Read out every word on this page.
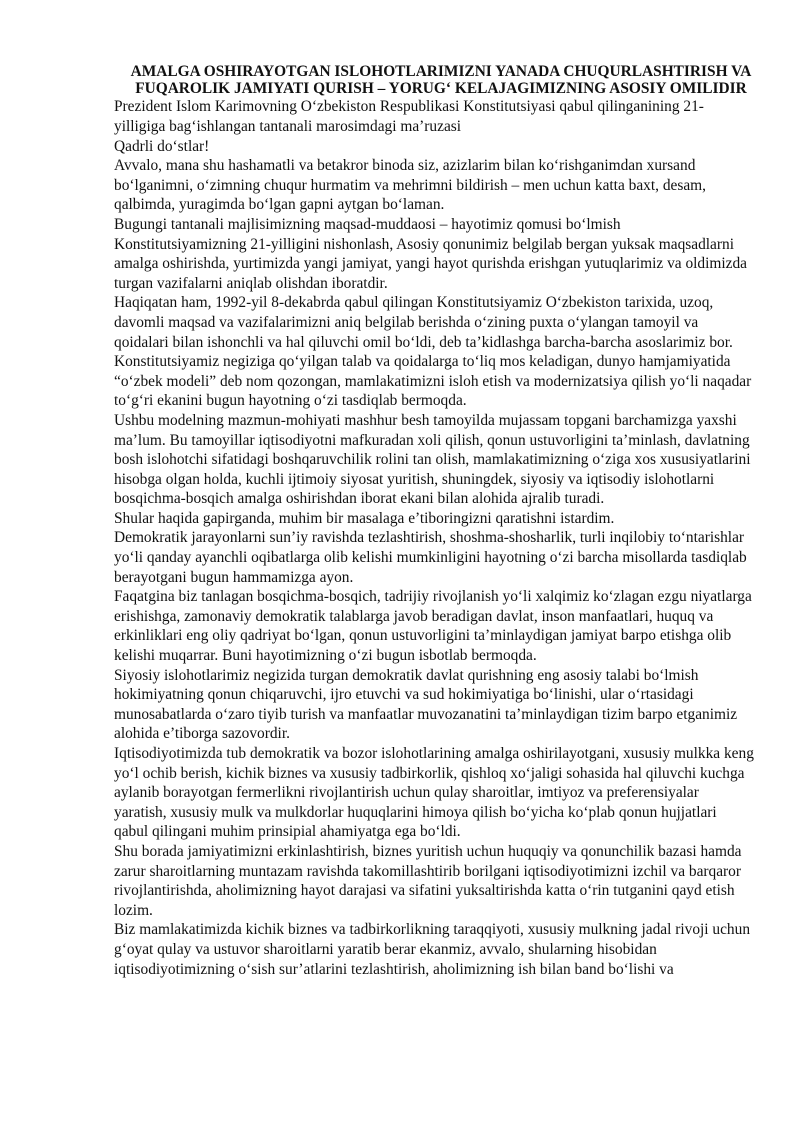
AMALGA OSHIRAYOTGAN ISLOHOTLARIMIZNI YANADA CHUQURLASHTIRISH VA FUQAROLIK JAMIYATI QURISH – YORUG‘ KELAJAGIMIZNING ASOSIY OMILIDIR

Prezident Islom Karimovning O‘zbekiston Respublikasi Konstitutsiyasi qabul qilinganining 21-yilligiga bag‘ishlangan tantanali marosimdagi ma’ruzasi

Qadrli do‘stlar!

Avvalo, mana shu hashamatli va betakror binoda siz, azizlarim bilan ko‘rishganimdan xursand bo‘lganimni, o‘zimning chuqur hurmatim va mehrimni bildirish – men uchun katta baxt, desam, qalbimda, yuragimda bo‘lgan gapni aytgan bo‘laman.

Bugungi tantanali majlisimizning maqsad-muddaosi – hayotimiz qomusi bo‘lmish Konstitutsiyamizning 21-yilligini nishonlash, Asosiy qonunimiz belgilab bergan yuksak maqsadlarni amalga oshirishda, yurtimizda yangi jamiyat, yangi hayot qurishda erishgan yutuqlarimiz va oldimizda turgan vazifalarni aniqlab olishdan iboratdir.

Haqiqatan ham, 1992-yil 8-dekabrda qabul qilingan Konstitutsiyamiz O‘zbekiston tarixida, uzoq, davomli maqsad va vazifalarimizni aniq belgilab berishda o‘zining puxta o‘ylangan tamoyil va qoidalari bilan ishonchli va hal qiluvchi omil bo‘ldi, deb ta’kidlashga barcha-barcha asoslarimiz bor.

Konstitutsiyamiz negiziga qo‘yilgan talab va qoidalarga to‘liq mos keladigan, dunyo hamjamiyatida “o‘zbek modeli” deb nom qozongan, mamlakatimizni isloh etish va modernizatsiya qilish yo‘li naqadar to‘g‘ri ekanini bugun hayotning o‘zi tasdiqlab bermoqda.

Ushbu modelning mazmun-mohiyati mashhur besh tamoyilda mujassam topgani barchamizga yaxshi ma’lum. Bu tamoyillar iqtisodiyotni mafkuradan xoli qilish, qonun ustuvorligini ta’minlash, davlatning bosh islohotchi sifatidagi boshqaruvchilik rolini tan olish, mamlakatimizning o‘ziga xos xususiyatlarini hisobga olgan holda, kuchli ijtimoiy siyosat yuritish, shuningdek, siyosiy va iqtisodiy islohotlarni bosqichma-bosqich amalga oshirishdan iborat ekani bilan alohida ajralib turadi.

Shular haqida gapirganda, muhim bir masalaga e’tiboringizni qaratishni istardim.

Demokratik jarayonlarni sun’iy ravishda tezlashtirish, shoshma-shosharlik, turli inqilobiy to‘ntarishlar yo‘li qanday ayanchli oqibatlarga olib kelishi mumkinligini hayotning o‘zi barcha misollarda tasdiqlab berayotgani bugun hammamizga ayon.

Faqatgina biz tanlagan bosqichma-bosqich, tadrijiy rivojlanish yo‘li xalqimiz ko‘zlagan ezgu niyatlarga erishishga, zamonaviy demokratik talablarga javob beradigan davlat, inson manfaatlari, huquq va erkinliklari eng oliy qadriyat bo‘lgan, qonun ustuvorligini ta’minlaydigan jamiyat barpo etishga olib kelishi muqarrar. Buni hayotimizning o‘zi bugun isbotlab bermoqda.

Siyosiy islohotlarimiz negizida turgan demokratik davlat qurishning eng asosiy talabi bo‘lmish hokimiyatning qonun chiqaruvchi, ijro etuvchi va sud hokimiyatiga bo‘linishi, ular o‘rtasidagi munosabatlarda o‘zaro tiyib turish va manfaatlar muvozanatini ta’minlaydigan tizim barpo etganimiz alohida e’tiborga sazovordir.

Iqtisodiyotimizda tub demokratik va bozor islohotlarining amalga oshirilayotgani, xususiy mulkka keng yo‘l ochib berish, kichik biznes va xususiy tadbirkorlik, qishloq xo‘jaligi sohasida hal qiluvchi kuchga aylanib borayotgan fermerlikni rivojlantirish uchun qulay sharoitlar, imtiyoz va preferensiyalar yaratish, xususiy mulk va mulkdorlar huquqlarini himoya qilish bo‘yicha ko‘plab qonun hujjatlari qabul qilingani muhim prinsipial ahamiyatga ega bo‘ldi.

Shu borada jamiyatimizni erkinlashtirish, biznes yuritish uchun huquqiy va qonunchilik bazasi hamda zarur sharoitlarning muntazam ravishda takomillashtirib borilgani iqtisodiyotimizni izchil va barqaror rivojlantirishda, aholimizning hayot darajasi va sifatini yuksaltirishda katta o‘rin tutganini qayd etish lozim.

Biz mamlakatimizda kichik biznes va tadbirkorlikning taraqqiyoti, xususiy mulkning jadal rivoji uchun g‘oyat qulay va ustuvor sharoitlarni yaratib berar ekanmiz, avvalo, shularning hisobidan iqtisodiyotimizning o‘sish sur’atlarini tezlashtirish, aholimizning ish bilan band bo‘lishi va
